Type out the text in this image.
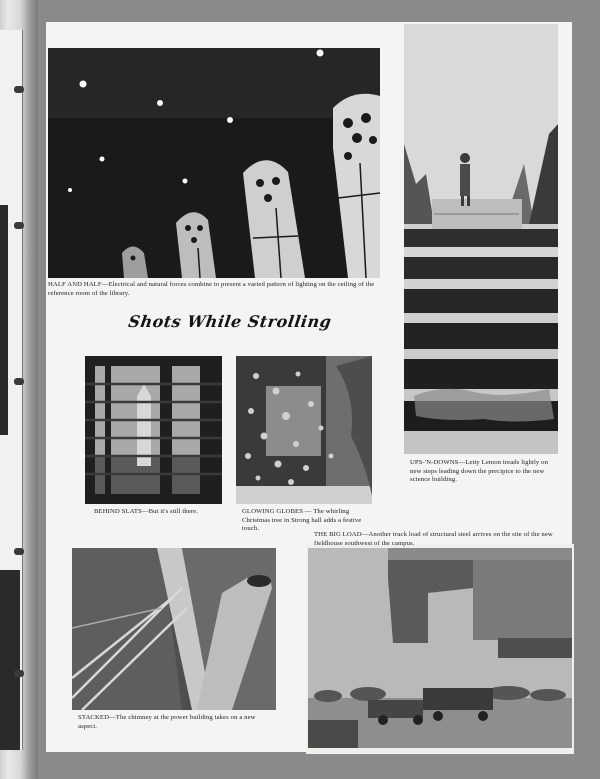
HALF AND HALF—Electrical and natural forces combine to present a varied pattern of lighting on the ceiling of the reference room of the library.
UPS-'N-DOWNS—Letty Lemon treads lightly on new steps leading down the precipice to the new science building.
Shots While Strolling
BEHIND SLATS—But it's still there.	GLOWING GLOBES — The whirling Christmas tree in Strong hall adds a festive touch.
THE BIG LOAD—Another truck load of structural steel arrives on the site of the new fieldhouse southwest of the campus.
STACKED—The chimney at the power building takes on a new aspect.
